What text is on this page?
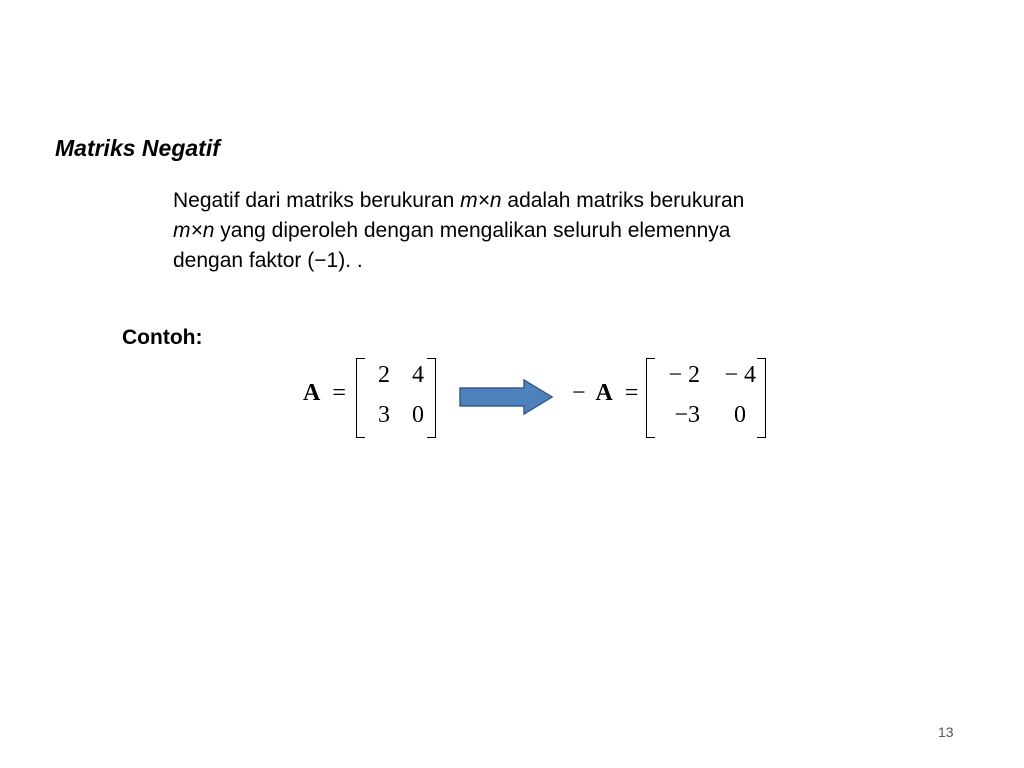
Matriks Negatif
Negatif dari matriks berukuran m×n adalah matriks berukuran
m×n yang diperoleh dengan mengalikan seluruh elemennya
dengan faktor (−1). .
Contoh:
A =
2 4
3 0
− A =
− 2	− 4
−3	0
13
